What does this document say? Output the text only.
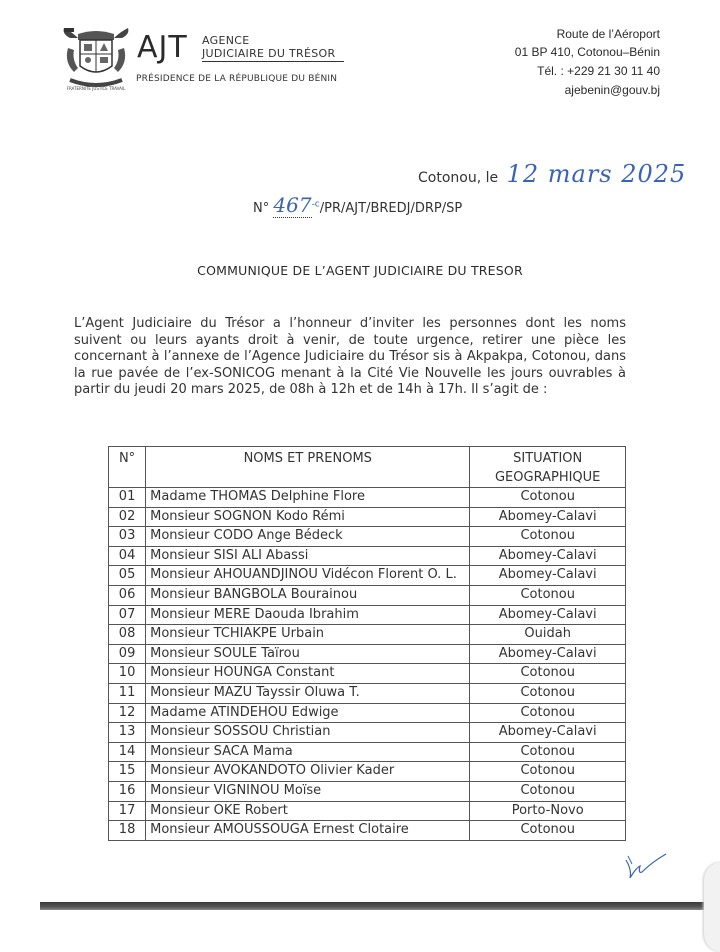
FRATERNITÉ JUSTICE TRAVAIL
AJT AGENCE
JUDICIAIRE DU TRÉSOR
PRÉSIDENCE DE LA RÉPUBLIQUE DU BÉNIN
Route de l’Aéroport
01 BP 410, Cotonou–Bénin
Tél. : +229 21 30 11 40
ajebenin@gouv.bj
Cotonou, le 12 mars 2025
N° $467^{-c}/PR/AJT/BREDJ/DRP/SP$
COMMUNIQUE DE L’AGENT JUDICIAIRE DU TRESOR
L’Agent Judiciaire du Trésor a l’honneur d’inviter les personnes dont les noms suivent ou leurs ayants droit à venir, de toute urgence, retirer une pièce les concernant à l’annexe de l’Agence Judiciaire du Trésor sis à Akpakpa, Cotonou, dans la rue pavée de l’ex-SONICOG menant à la Cité Vie Nouvelle les jours ouvrables à partir du jeudi 20 mars 2025, de 08h à 12h et de 14h à 17h. Il s’agit de :
N°	NOMS ET PRENOMS	SITUATION GEOGRAPHIQUE
01	Madame THOMAS Delphine Flore	Cotonou
02	Monsieur SOGNON Kodo Rémi	Abomey-Calavi
03	Monsieur CODO Ange Bédeck	Cotonou
04	Monsieur SISI ALI Abassi	Abomey-Calavi
05	Monsieur AHOUANDJINOU Vidécon Florent O. L.	Abomey-Calavi
06	Monsieur BANGBOLA Bourainou	Cotonou
07	Monsieur MERE Daouda Ibrahim	Abomey-Calavi
08	Monsieur TCHIAKPE Urbain	Ouidah
09	Monsieur SOULE Taïrou	Abomey-Calavi
10	Monsieur HOUNGA Constant	Cotonou
11	Monsieur MAZU Tayssir Oluwa T.	Cotonou
12	Madame ATINDEHOU Edwige	Cotonou
13	Monsieur SOSSOU Christian	Abomey-Calavi
14	Monsieur SACA Mama	Cotonou
15	Monsieur AVOKANDOTO Olivier Kader	Cotonou
16	Monsieur VIGNINOU Moïse	Cotonou
17	Monsieur OKE Robert	Porto-Novo
18	Monsieur AMOUSSOUGA Ernest Clotaire	Cotonou
